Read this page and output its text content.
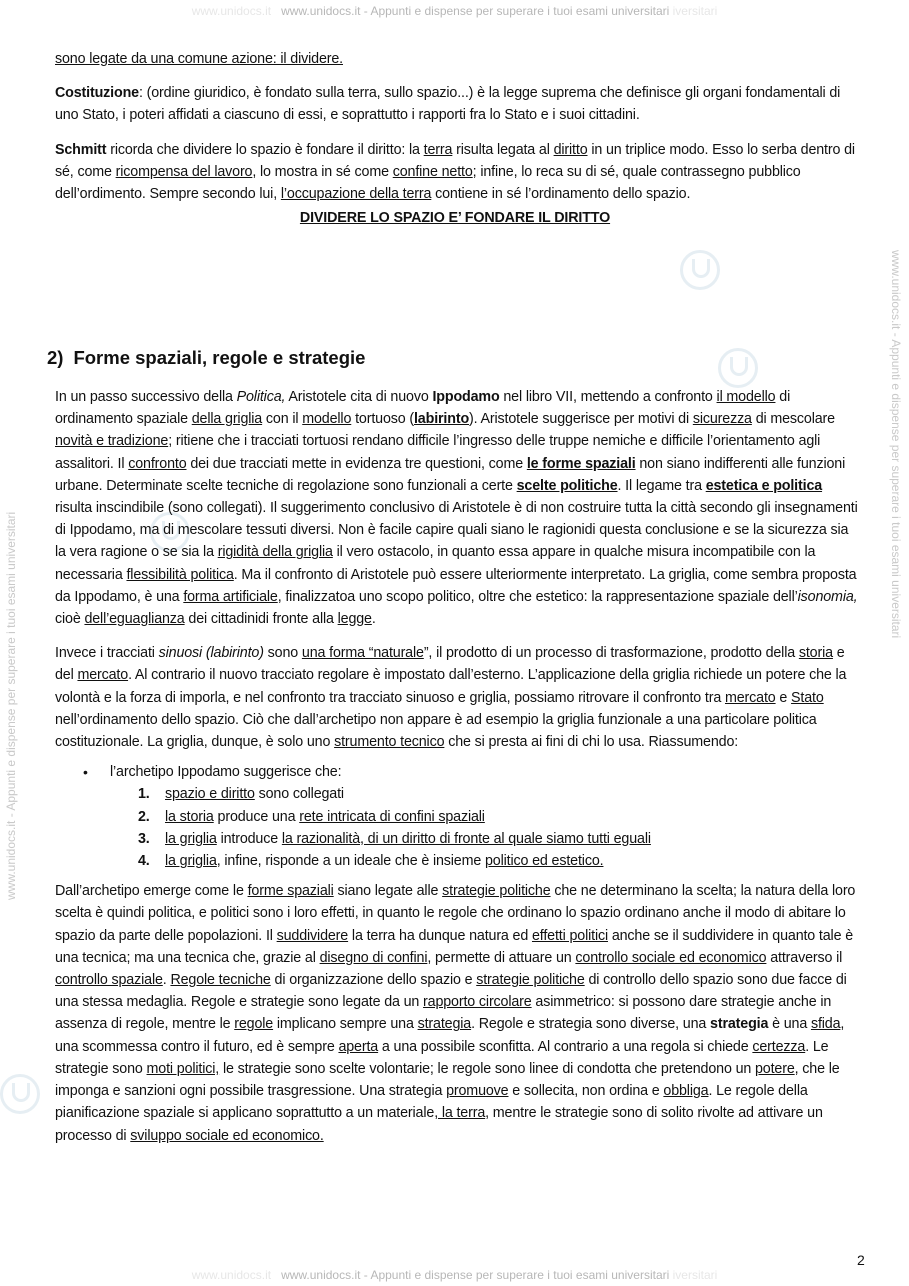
www.unidocs.it   www.unidocs.it - Appunti e dispense per superare i tuoi esami universitari iversitari
www.unidocs.it   www.unidocs.it - Appunti e dispense per superare i tuoi esami universitari iversitari
www.unidocs.it - Appunti e dispense per superare i tuoi esami universitari
www.unidocs.it - Appunti e dispense per superare i tuoi esami universitari

sono legate da una comune azione: il dividere.

Costituzione: (ordine giuridico, è fondato sulla terra, sullo spazio...) è la legge suprema che definisce gli organi fondamentali di uno Stato, i poteri affidati a ciascuno di essi, e soprattutto i rapporti fra lo Stato e i suoi cittadini.

Schmitt ricorda che dividere lo spazio è fondare il diritto: la terra risulta legata al diritto in un triplice modo. Esso lo serba dentro di sé, come ricompensa del lavoro, lo mostra in sé come confine netto; infine, lo reca su di sé, quale contrassegno pubblico dell’ordimento. Sempre secondo lui, l’occupazione della terra contiene in sé l’ordinamento dello spazio.

DIVIDERE LO SPAZIO E’ FONDARE IL DIRITTO

2) Forme spaziali, regole e strategie

In un passo successivo della Politica, Aristotele cita di nuovo Ippodamo nel libro VII, mettendo a confronto il modello di ordinamento spaziale della griglia con il modello tortuoso (labirinto). Aristotele suggerisce per motivi di sicurezza di mescolare novità e tradizione; ritiene che i tracciati tortuosi rendano difficile l’ingresso delle truppe nemiche e difficile l’orientamento agli assalitori. Il confronto dei due tracciati mette in evidenza tre questioni, come le forme spaziali non siano indifferenti alle funzioni urbane. Determinate scelte tecniche di regolazione sono funzionali a certe scelte politiche. Il legame tra estetica e politica risulta inscindibile (sono collegati). Il suggerimento conclusivo di Aristotele è di non costruire tutta la città secondo gli insegnamenti di Ippodamo, ma di mescolare tessuti diversi. Non è facile capire quali siano le ragionidi questa conclusione e se la sicurezza sia la vera ragione o se sia la rigidità della griglia il vero ostacolo, in quanto essa appare in qualche misura incompatibile con la necessaria flessibilità politica. Ma il confronto di Aristotele può essere ulteriormente interpretato. La griglia, come sembra proposta da Ippodamo, è una forma artificiale, finalizzatoa uno scopo politico, oltre che estetico: la rappresentazione spaziale dell’isonomia, cioè dell’eguaglianza dei cittadinidi fronte alla legge.

Invece i tracciati sinuosi (labirinto) sono una forma “naturale”, il prodotto di un processo di trasformazione, prodotto della storia e del mercato. Al contrario il nuovo tracciato regolare è impostato dall’esterno. L’applicazione della griglia richiede un potere che la volontà e la forza di imporla, e nel confronto tra tracciato sinuoso e griglia, possiamo ritrovare il confronto tra mercato e Stato nell’ordinamento dello spazio. Ciò che dall’archetipo non appare è ad esempio la griglia funzionale a una particolare politica costituzionale. La griglia, dunque, è solo uno strumento tecnico che si presta ai fini di chi lo usa. Riassumendo:

• l’archetipo Ippodamo suggerisce che:
1. spazio e diritto sono collegati
2. la storia produce una rete intricata di confini spaziali
3. la griglia introduce la razionalità, di un diritto di fronte al quale siamo tutti eguali
4. la griglia, infine, risponde a un ideale che è insieme politico ed estetico.

Dall’archetipo emerge come le forme spaziali siano legate alle strategie politiche che ne determinano la scelta; la natura della loro scelta è quindi politica, e politici sono i loro effetti, in quanto le regole che ordinano lo spazio ordinano anche il modo di abitare lo spazio da parte delle popolazioni. Il suddividere la terra ha dunque natura ed effetti politici anche se il suddividere in quanto tale è una tecnica; ma una tecnica che, grazie al disegno di confini, permette di attuare un controllo sociale ed economico attraverso il controllo spaziale. Regole tecniche di organizzazione dello spazio e strategie politiche di controllo dello spazio sono due facce di una stessa medaglia. Regole e strategie sono legate da un rapporto circolare asimmetrico: si possono dare strategie anche in assenza di regole, mentre le regole implicano sempre una strategia. Regole e strategia sono diverse, una strategia è una sfida, una scommessa contro il futuro, ed è sempre aperta a una possibile sconfitta. Al contrario a una regola si chiede certezza. Le strategie sono moti politici, le strategie sono scelte volontarie; le regole sono linee di condotta che pretendono un potere, che le imponga e sanzioni ogni possibile trasgressione. Una strategia promuove e sollecita, non ordina e obbliga. Le regole della pianificazione spaziale si applicano soprattutto a un materiale, la terra, mentre le strategie sono di solito rivolte ad attivare un processo di sviluppo sociale ed economico.

2
